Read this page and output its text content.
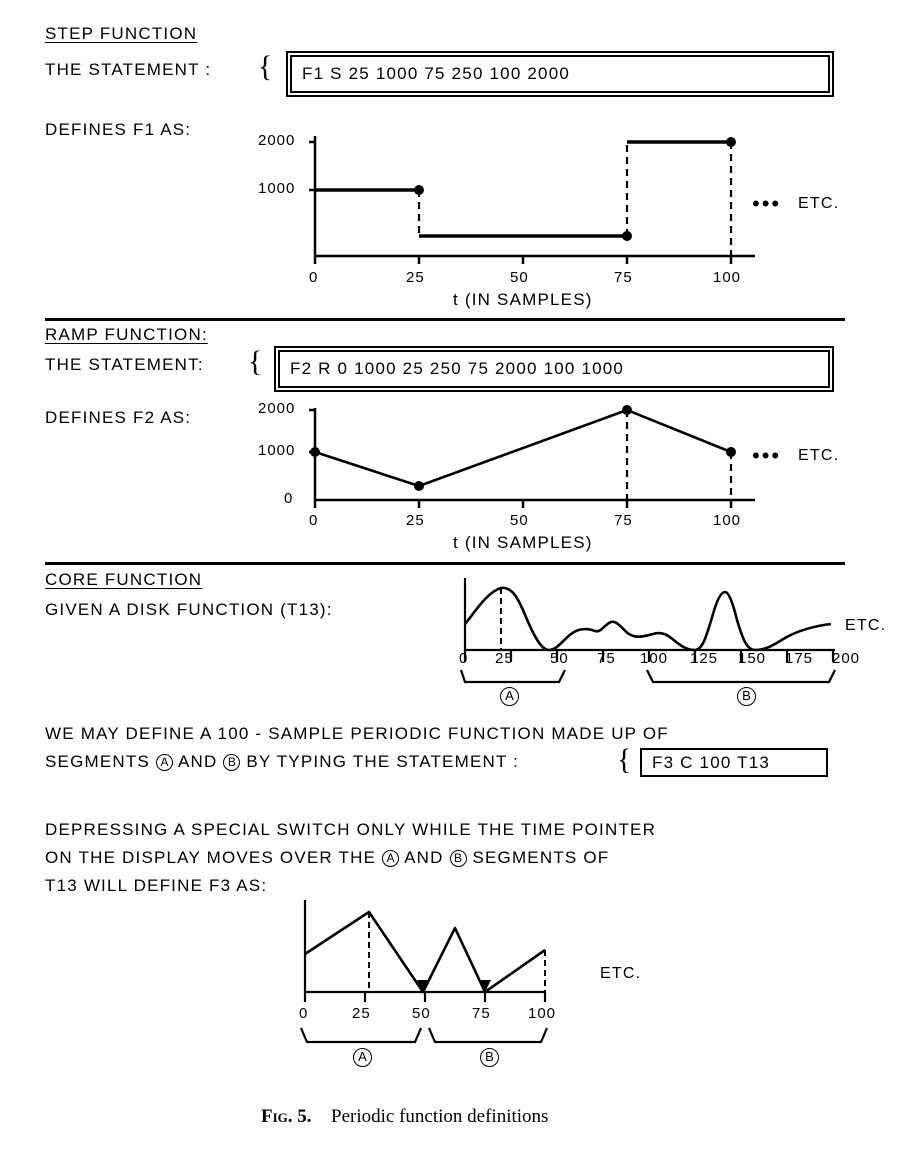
STEP FUNCTION
THE STATEMENT : { F1 S 25 1000 75 250 100 2000
DEFINES F1 AS:
2000
1000
0	25	50	75	100
••• ETC.
t (IN SAMPLES)
RAMP FUNCTION:
THE STATEMENT: { F2 R 0 1000 25 250 75 2000 100 1000
DEFINES F2 AS:	2000
1000
0
0	25	50	75	100
••• ETC.
t (IN SAMPLES)
CORE FUNCTION
GIVEN A DISK FUNCTION (T13):
ETC.
0 25 50 75 100 125 150 175 200
A	B
WE MAY DEFINE A 100 - SAMPLE PERIODIC FUNCTION MADE UP OF
SEGMENTS A AND B BY TYPING THE STATEMENT :	{ F3 C 100 T13
DEPRESSING A SPECIAL SWITCH ONLY WHILE THE TIME POINTER
ON THE DISPLAY MOVES OVER THE A AND B SEGMENTS OF
T13 WILL DEFINE F3 AS:
ETC.
0	25	50	75 100
A	B
Fig. 5. Periodic function definitions
